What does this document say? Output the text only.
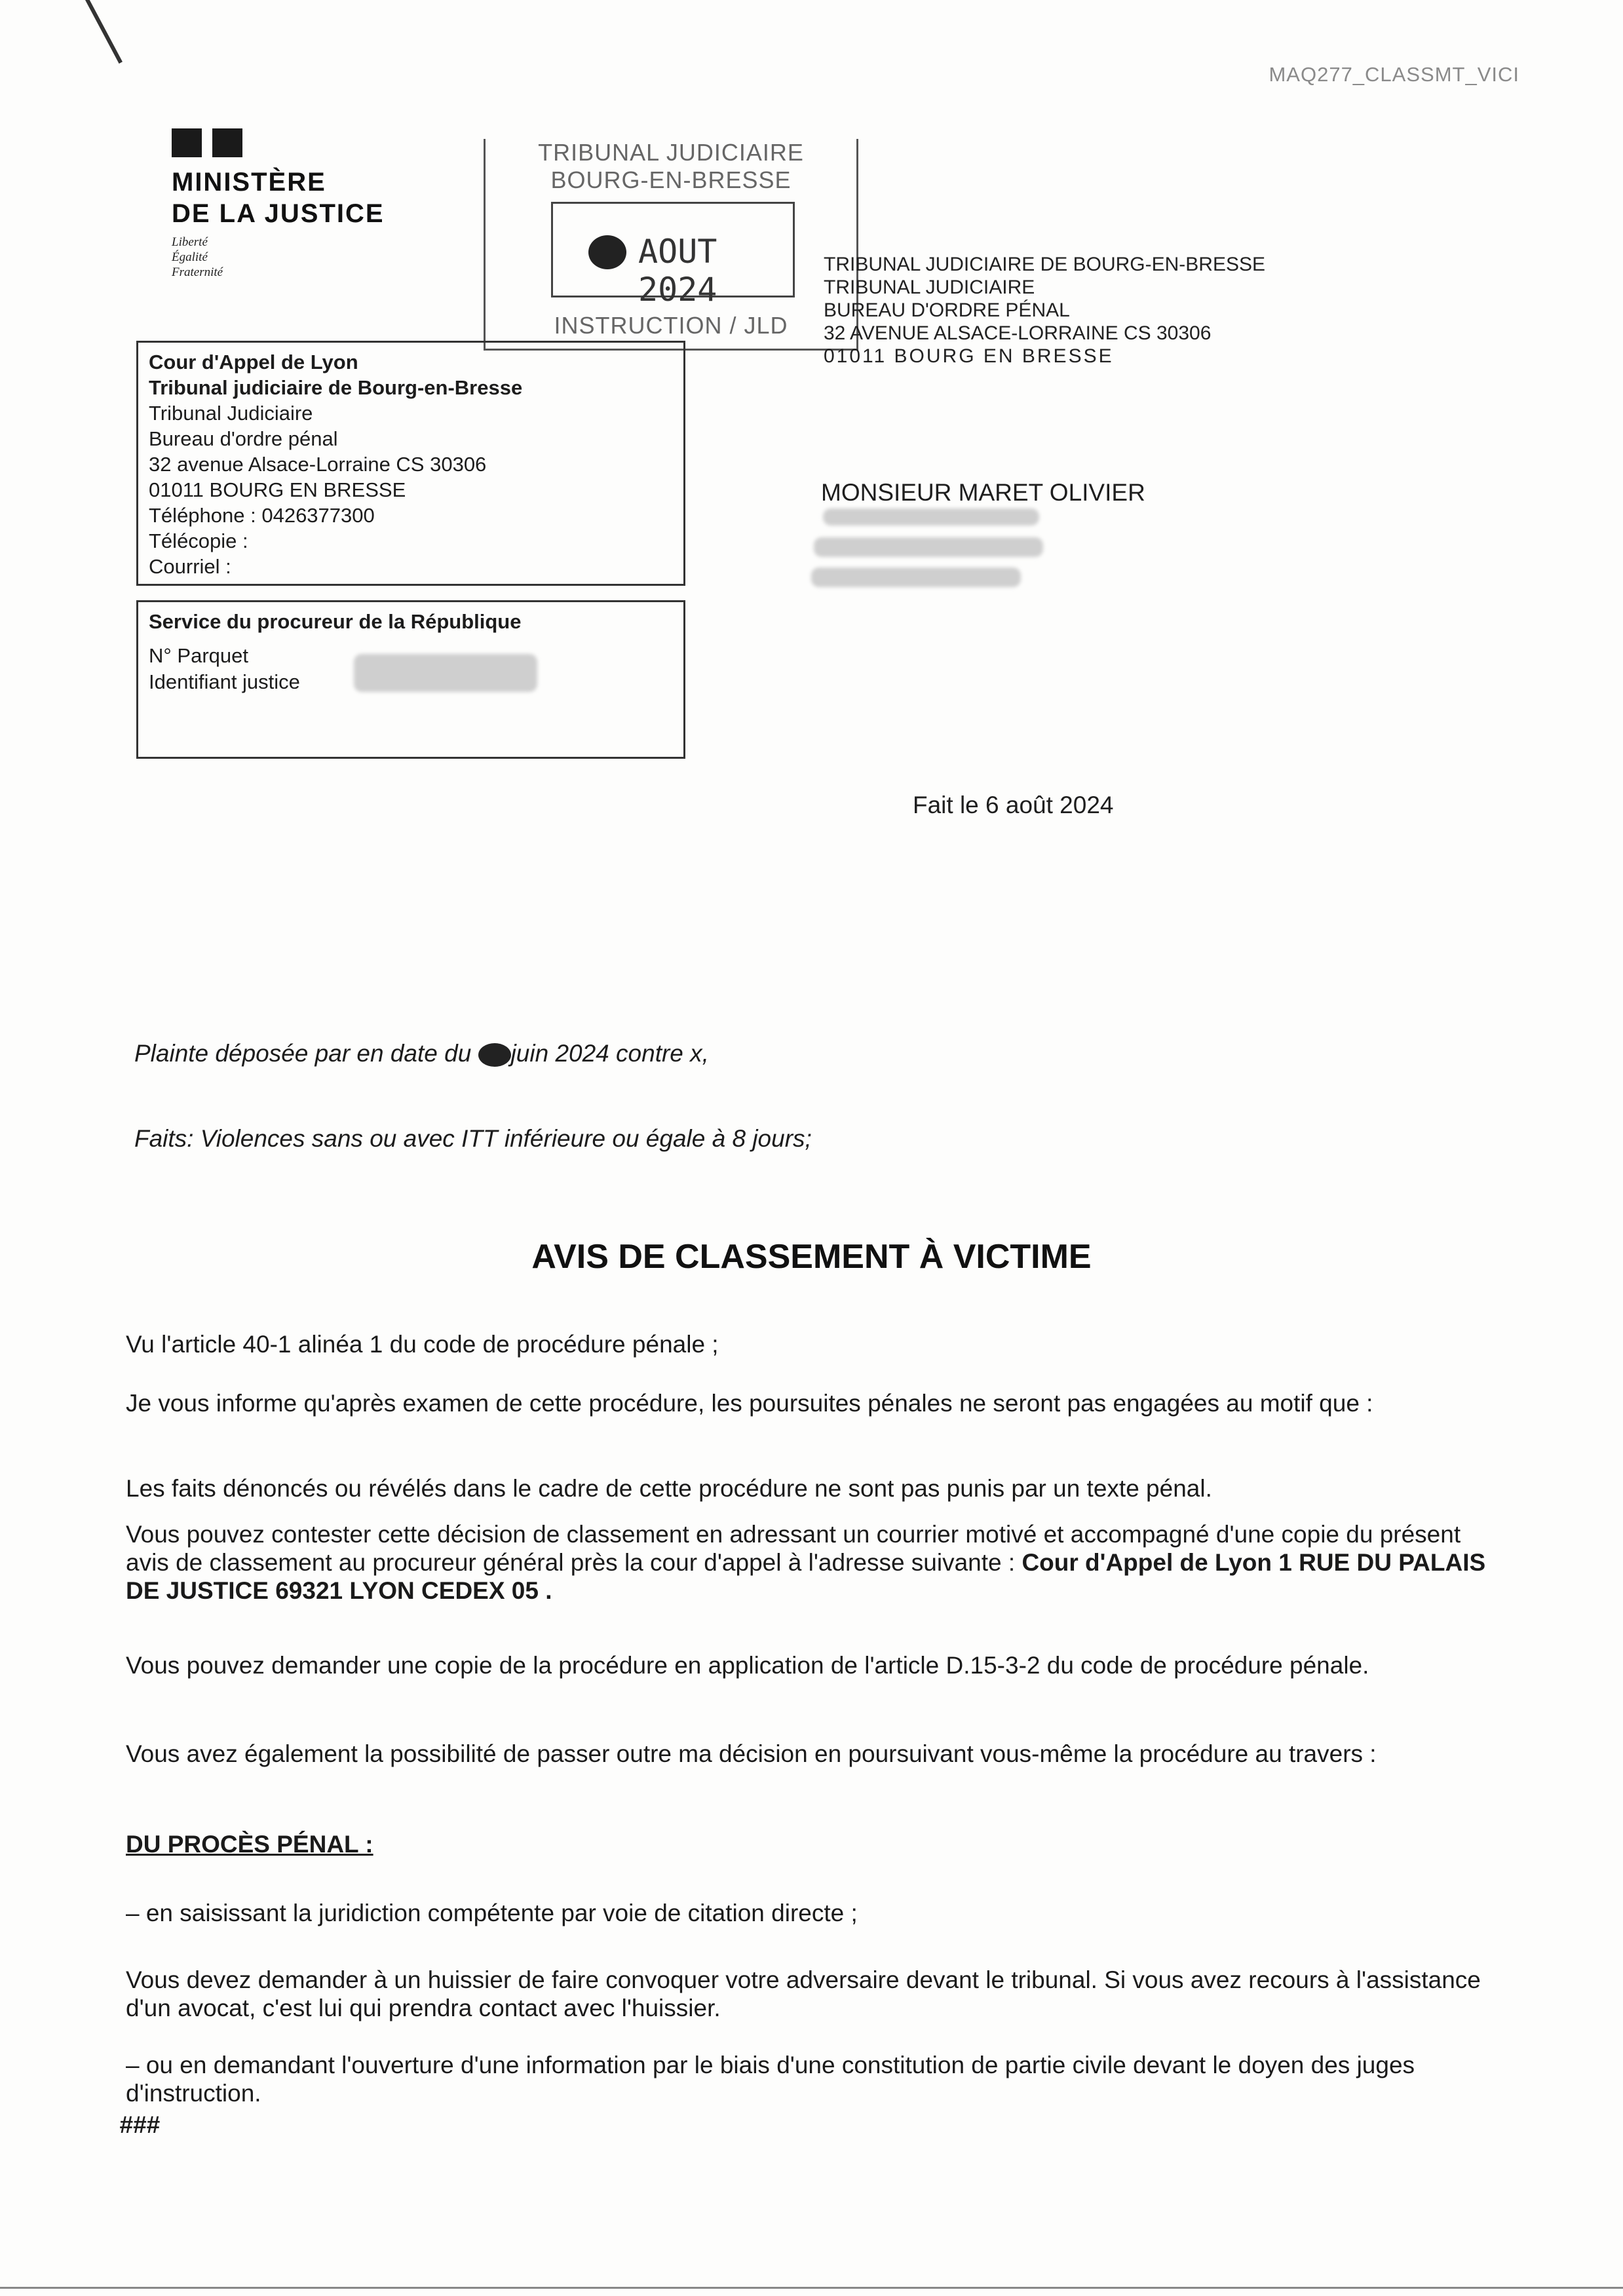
MAQ277_CLASSMT_VICI
MINISTÈRE
DE LA JUSTICE
Liberté
Égalité
Fraternité
TRIBUNAL JUDICIAIRE
BOURG-EN-BRESSE
AOUT 2024
INSTRUCTION / JLD
TRIBUNAL JUDICIAIRE DE BOURG-EN-BRESSE
TRIBUNAL JUDICIAIRE
BUREAU D'ORDRE PÉNAL
32 AVENUE ALSACE-LORRAINE CS 30306
01011 BOURG EN BRESSE
MONSIEUR MARET OLIVIER
Cour d'Appel de Lyon
Tribunal judiciaire de Bourg-en-Bresse
Tribunal Judiciaire
Bureau d'ordre pénal
32 avenue Alsace-Lorraine CS 30306
01011 BOURG EN BRESSE
Téléphone : 0426377300
Télécopie :
Courriel :
Service du procureur de la République
N° Parquet
Identifiant justice
Fait le 6 août 2024
Plainte déposée par en date du juin 2024 contre x,
Faits: Violences sans ou avec ITT inférieure ou égale à 8 jours;
AVIS DE CLASSEMENT À VICTIME
Vu l'article 40-1 alinéa 1 du code de procédure pénale ;
Je vous informe qu'après examen de cette procédure, les poursuites pénales ne seront pas engagées au motif que :
Les faits dénoncés ou révélés dans le cadre de cette procédure ne sont pas punis par un texte pénal.
Vous pouvez contester cette décision de classement en adressant un courrier motivé et accompagné d'une copie du présent avis de classement au procureur général près la cour d'appel à l'adresse suivante : Cour d'Appel de Lyon 1 RUE DU PALAIS DE JUSTICE 69321 LYON CEDEX 05 .
Vous pouvez demander une copie de la procédure en application de l'article D.15-3-2 du code de procédure pénale.
Vous avez également la possibilité de passer outre ma décision en poursuivant vous-même la procédure au travers :
DU PROCÈS PÉNAL :
– en saisissant la juridiction compétente par voie de citation directe ;
Vous devez demander à un huissier de faire convoquer votre adversaire devant le tribunal. Si vous avez recours à l'assistance d'un avocat, c'est lui qui prendra contact avec l'huissier.
– ou en demandant l'ouverture d'une information par le biais d'une constitution de partie civile devant le doyen des juges d'instruction.
###
